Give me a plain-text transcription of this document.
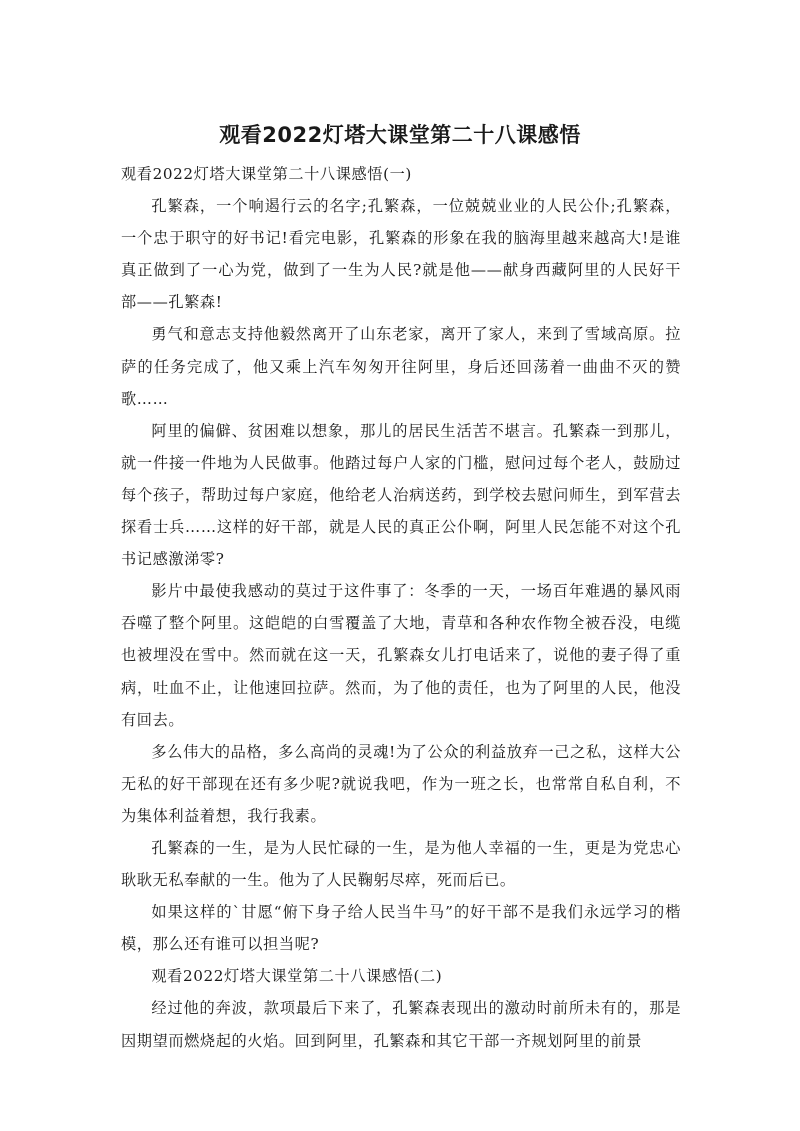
观看2022灯塔大课堂第二十八课感悟

观看2022灯塔大课堂第二十八课感悟(一)

孔繁森，一个响遏行云的名字;孔繁森，一位兢兢业业的人民公仆;孔繁森，一个忠于职守的好书记!看完电影，孔繁森的形象在我的脑海里越来越高大!是谁真正做到了一心为党，做到了一生为人民?就是他——献身西藏阿里的人民好干部——孔繁森!

勇气和意志支持他毅然离开了山东老家，离开了家人，来到了雪域高原。拉萨的任务完成了，他又乘上汽车匆匆开往阿里，身后还回荡着一曲曲不灭的赞歌……

阿里的偏僻、贫困难以想象，那儿的居民生活苦不堪言。孔繁森一到那儿，就一件接一件地为人民做事。他踏过每户人家的门槛，慰问过每个老人，鼓励过每个孩子，帮助过每户家庭，他给老人治病送药，到学校去慰问师生，到军营去探看士兵……这样的好干部，就是人民的真正公仆啊，阿里人民怎能不对这个孔书记感激涕零?

影片中最使我感动的莫过于这件事了：冬季的一天，一场百年难遇的暴风雨吞噬了整个阿里。这皑皑的白雪覆盖了大地，青草和各种农作物全被吞没，电缆也被埋没在雪中。然而就在这一天，孔繁森女儿打电话来了，说他的妻子得了重病，吐血不止，让他速回拉萨。然而，为了他的责任，也为了阿里的人民，他没有回去。

多么伟大的品格，多么高尚的灵魂!为了公众的利益放弃一己之私，这样大公无私的好干部现在还有多少呢?就说我吧，作为一班之长，也常常自私自利，不为集体利益着想，我行我素。

孔繁森的一生，是为人民忙碌的一生，是为他人幸福的一生，更是为党忠心耿耿无私奉献的一生。他为了人民鞠躬尽瘁，死而后已。

如果这样的`甘愿“俯下身子给人民当牛马”的好干部不是我们永远学习的楷模，那么还有谁可以担当呢?

观看2022灯塔大课堂第二十八课感悟(二)

经过他的奔波，款项最后下来了，孔繁森表现出的激动时前所未有的，那是因期望而燃烧起的火焰。回到阿里，孔繁森和其它干部一齐规划阿里的前景
